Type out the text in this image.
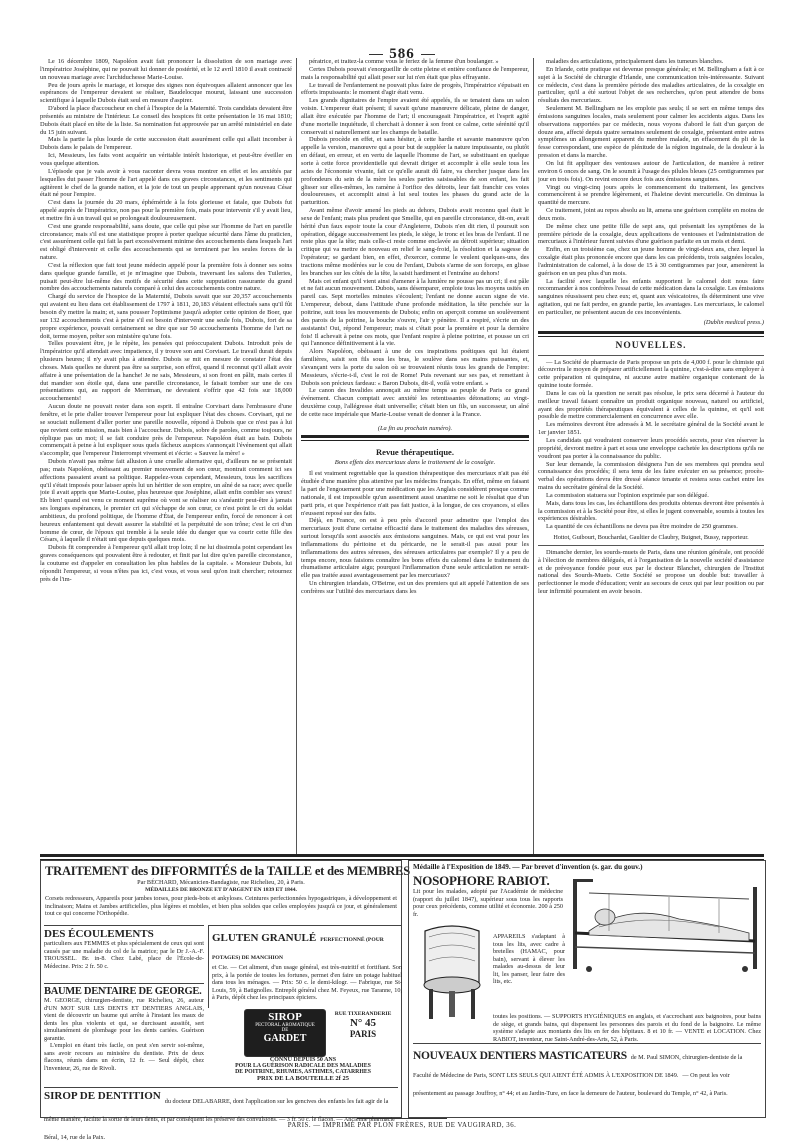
586

Le 16 décembre 1809, Napoléon avait fait prononcer la dissolution de son mariage avec l'impératrice Joséphine, qui ne pouvait lui donner de postérité, et le 12 avril 1810 il avait contracté un nouveau mariage avec l'archiduchesse Marie-Louise.

Peu de jours après le mariage, et lorsque des signes non équivoques allaient annoncer que les espérances de l'empereur devaient se réaliser, Baudelocque mourut, laissant une succession scientifique à laquelle Dubois était seul en mesure d'aspirer.

D'abord la place d'accoucheur en chef à l'hospice de la Maternité. Trois candidats devaient être présentés au ministre de l'intérieur. Le conseil des hospices fit cette présentation le 16 mai 1810; Dubois était placé en tête de la liste. Sa nomination fut approuvée par un arrêté ministériel en date du 15 juin suivant.

Mais la partie la plus lourde de cette succession était assurément celle qui allait incomber à Dubois dans le palais de l'empereur.

Ici, Messieurs, les faits vont acquérir un véritable intérêt historique, et peut-être éveiller en vous quelque attention.

L'épisode que je vais avoir à vous raconter devra vous montrer en effet et les anxiétés par lesquelles dut passer l'homme de l'art appelé dans ces graves circonstances, et les sentiments qui agitèrent le chef de la grande nation, et la joie de tout un peuple apprenant qu'un nouveau César était né pour l'empire.

C'est dans la journée du 20 mars, éphéméride à la fois glorieuse et fatale, que Dubois fut appelé auprès de l'impératrice, non pas pour la première fois, mais pour intervenir s'il y avait lieu, et mettre fin à un travail qui se prolongeait douloureusement.

C'est une grande responsabilité, sans doute, que celle qui pèse sur l'homme de l'art en pareille circonstance; mais s'il est une statistique propre à porter quelque sécurité dans l'âme du praticien, c'est assurément celle qui fait la part excessivement minime des accouchements dans lesquels l'art est obligé d'intervenir et celle des accouchements qui se terminent par les seules forces de la nature.

C'est la réflexion que fait tout jeune médecin appelé pour la première fois à donner ses soins dans quelque grande famille, et je m'imagine que Dubois, traversant les salons des Tuileries, puisait peut-être lui-même des motifs de sécurité dans cette supputation rassurante du grand nombre des accouchements naturels comparé à celui des accouchements contre nature.

Chargé du service de l'hospice de la Maternité, Dubois savait que sur 20,357 accouchements qui avaient eu lieu dans cet établissement de 1797 à 1811, 20,183 s'étaient effectués sans qu'il fût besoin d'y mettre la main; et, sans pousser l'optimisme jusqu'à adopter cette opinion de Boer, que sur 132 accouchements c'est à peine s'il est besoin d'intervenir une seule fois, Dubois, fort de sa propre expérience, pouvait certainement se dire que sur 50 accouchements l'homme de l'art ne doit, terme moyen, prêter son ministère qu'une fois.

Telles pouvaient être, je le répète, les pensées qui préoccupaient Dubois. Introduit près de l'impératrice qu'il attendait avec impatience, il y trouve son ami Corvisart. Le travail durait depuis plusieurs heures; il n'y avait plus à attendre. Dubois se mit en mesure de constater l'état des choses. Mais quelles ne durent pas être sa surprise, son effroi, quand il reconnut qu'il allait avoir affaire à une présentation de la hanche! Je ne sais, Messieurs, si son front en pâlit, mais certes il dut mandier son étoile qui, dans une pareille circonstance, le faisait tomber sur une de ces présentations qui, au rapport de Merriman, ne devraient s'offrir que 42 fois sur 18,000 accouchements!

Aucun doute ne pouvait rester dans son esprit. Il entraîne Corvisart dans l'embrasure d'une fenêtre, et le prie d'aller trouver l'empereur pour lui expliquer l'état des choses. Corvisart, qui ne se souciait nullement d'aller porter une pareille nouvelle, répond à Dubois que ce n'est pas à lui que revient cette mission, mais bien à l'accoucheur. Dubois, sobre de paroles, comme toujours, ne réplique pas un mot; il se fait conduire près de l'empereur. Napoléon était au bain. Dubois commençait à peine à lui expliquer sous quels fâcheux auspices s'annonçait l'événement qui allait s'accomplir, que l'empereur l'interrompt vivement et s'écrie: « Sauvez la mère! »

Dubois n'avait pas même fait allusion à une cruelle alternative qui, d'ailleurs ne se présentait pas; mais Napoléon, obéissant au premier mouvement de son cœur, montrait comment ici ses affections passaient avant sa politique. Rappelez-vous cependant, Messieurs, tous les sacrifices qu'il s'était imposés pour laisser après lui un héritier de son empire, un aîné de sa race; avec quelle joie il avait appris que Marie-Louise, plus heureuse que Joséphine, allait enfin combler ses vœux! Eh bien! quand est venu ce moment suprême où vont se réaliser ou s'anéantir peut-être à jamais ses longues espérances, le premier cri qui s'échappe de son cœur, ce n'est point le cri du soldat ambitieux, du profond politique, de l'homme d'État, de l'empereur enfin, forcé de renoncer à cet heureux enfantement qui devait assurer la stabilité et la perpétuité de son trône; c'est le cri d'un homme de cœur, de l'époux qui tremble à la seule idée du danger que va courir cette fille des Césars, à laquelle il n'était uni que depuis quelques mois.

Dubois fit comprendre à l'empereur qu'il allait trop loin; il ne lui dissimula point cependant les graves conséquences qui pouvaient être à redouter, et finit par lui dire qu'en pareille circonstance, la coutume est d'appeler en consultation les plus habiles de la capitale. « Monsieur Dubois, lui répondit l'empereur, si vous n'êtes pas ici, c'est vous, et vous seul qu'on irait chercher; retournez près de l'im-

pératrice, et traitez-la comme vous le feriez de la femme d'un boulanger. »

Certes Dubois pouvait s'enorgueillir de cette pleine et entière confiance de l'empereur, mais la responsabilité qui allait peser sur lui n'en était que plus effrayante.

Le travail de l'enfantement ne pouvait plus faire de progrès, l'impératrice s'épuisait en efforts impuissants: le moment d'agir était venu.

Les grands dignitaires de l'empire avaient été appelés, ils se tenaient dans un salon voisin. L'empereur était présent; il savait qu'une manœuvre délicate, pleine de danger, allait être exécutée par l'homme de l'art; il encourageait l'impératrice, et l'esprit agité d'une mortelle inquiétude, il cherchait à donner à son front ce calme, cette sérénité qu'il conservait si naturellement sur les champs de bataille.

Dubois procède en effet, et sans hésiter, à cette hardie et savante manœuvre qu'on appelle la version, manœuvre qui a pour but de suppléer la nature impuissante, ou plutôt en défaut, en erreur, et en vertu de laquelle l'homme de l'art, se substituant en quelque sorte à cette force providentielle qui devrait diriger et accomplir à elle seule tous les actes de l'économie vivante, fait ce qu'elle aurait dû faire, va chercher jusque dans les profondeurs du sein de la mère les seules parties saisissables de son enfant, les fait glisser sur elles-mêmes, les ramène à l'orifice des détroits, leur fait franchir ces voies douloureuses, et accomplit ainsi à lui seul toutes les phases du grand acte de la parturition.

Avant même d'avoir amené les pieds au dehors, Dubois avait reconnu quel était le sexe de l'enfant; mais plus prudent que Smellie, qui en pareille circonstance, dit-on, avait hérité d'un faux espoir toute la cour d'Angleterre, Dubois n'en dit rien, il poursuit son opération, dégage successivement les pieds, le siège, le tronc et les bras de l'enfant. Il ne reste plus que la tête; mais celle-ci reste comme enclavée au détroit supérieur; situation critique qui va mettre de nouveau en relief le sang-froid, la résolution et la sagesse de l'opérateur; se gardant bien, en effet, d'exercer, comme le veulent quelques-uns, des tractions même modérées sur le cou de l'enfant, Dubois s'arme de son forceps, en glisse les branches sur les côtés de la tête, la saisit hardiment et l'entraîne au dehors!

Mais cet enfant qu'il vient ainsi d'amener à la lumière ne pousse pas un cri; il est pâle et ne fait aucun mouvement. Dubois, sans désemparer, emploie tous les moyens usités en pareil cas. Sept mortelles minutes s'écoulent; l'enfant ne donne aucun signe de vie. L'empereur, debout, dans l'attitude d'une profonde méditation, la tête penchée sur la poitrine, suit tous les mouvements de Dubois; enfin on aperçoit comme un soulèvement des parois de la poitrine, la bouche s'ouvre, l'air y pénètre. Il a respiré, s'écrie un des assistants! Oui, répond l'empereur; mais si c'était pour la première et pour la dernière fois! Il achevait à peine ces mots, que l'enfant respire à pleine poitrine, et pousse un cri qui l'annonce définitivement à la vie.

Alors Napoléon, obéissant à une de ces inspirations poétiques qui lui étaient familières, saisit son fils sous les bras, le soulève dans ses mains puissantes, et, s'avançant vers la porte du salon où se trouvaient réunis tous les grands de l'empire: Messieurs, s'écrie-t-il, c'est le roi de Rome! Puis revenant sur ses pas, et remettant à Dubois son précieux fardeau: « Baron Dubois, dit-il, voilà votre enfant. »

Le canon des Invalides annonçait au même temps au peuple de Paris ce grand événement. Chacun comptait avec anxiété les retentissantes détonations; au vingt-deuxième coup, l'allégresse était universelle; c'était bien un fils, un successeur, un aîné de cette race impériale que Marie-Louise venait de donner à la France.

(La fin au prochain numéro).
Revue thérapeutique.
Bons effets des mercuriaux dans le traitement de la coxalgie.

Il est vraiment regrettable que la question thérapeutique des mercuriaux n'ait pas été étudiée d'une manière plus attentive par les médecins français. En effet, même en faisant la part de l'engouement pour une médication que les Anglais considèrent presque comme nationale, il est impossible qu'un assentiment aussi unanime ne soit le résultat que d'un parti pris, et que l'expérience n'ait pas fait justice, à la longue, de ces croyances, si elles n'eussent reposé sur des faits.

Déjà, en France, on est à peu près d'accord pour admettre que l'emploi des mercuriaux jouit d'une certaine efficacité dans le traitement des maladies des séreuses, surtout lorsqu'ils sont associés aux émissions sanguines. Mais, ce qui est vrai pour les inflammations du péritoine et du péricarde, ne le serait-il pas aussi pour les inflammations des autres séreuses, des séreuses articulaires par exemple? Il y a peu de temps encore, nous faisions connaître les bons effets du calomel dans le traitement du rhumatisme articulaire aigu; pourquoi l'inflammation d'une seule articulation ne serait-elle pas traitée aussi avantageusement par les mercuriaux?

Un chirurgien irlandais, O'Beirne, est un des premiers qui ait appelé l'attention de ses confrères sur l'utilité des mercuriaux dans les

maladies des articulations, principalement dans les tumeurs blanches.

En Irlande, cette pratique est devenue presque générale; et M. Bellingham a fait à ce sujet à la Société de chirurgie d'Irlande, une communication très-intéressante. Suivant ce médecin, c'est dans la première période des maladies articulaires, de la coxalgie en particulier, qu'il a été surtout l'objet de ses recherches, qu'on peut attendre de bons résultats des mercuriaux.

Seulement M. Bellingham ne les emploie pas seuls; il se sert en même temps des émissions sanguines locales, mais seulement pour calmer les accidents aigus. Dans les observations rapportées par ce médecin, nous voyons d'abord le fait d'un garçon de douze ans, affecté depuis quatre semaines seulement de coxalgie, présentant entre autres symptômes un allongement apparent du membre malade, un effacement du pli de la fesse correspondant, une espèce de plénitude de la région inguinale, de la douleur à la pression et dans la marche.

On lui fit appliquer des ventouses autour de l'articulation, de manière à retirer environ 6 onces de sang. On le soumit à l'usage des pilules bleues (25 centigrammes par jour en trois fois). On revint encore deux fois aux émissions sanguines.

Vingt ou vingt-cinq jours après le commencement du traitement, les gencives commencèrent à se prendre légèrement, et l'haleine devint mercurielle. On diminua la quantité de mercure.

Ce traitement, joint au repos absolu au lit, amena une guérison complète en moins de deux mois.

De même chez une petite fille de sept ans, qui présentait les symptômes de la première période de la coxalgie, deux applications de ventouses et l'administration de mercuriaux à l'intérieur furent suivies d'une guérison parfaite en un mois et demi.

Enfin, en un troisième cas, chez un jeune homme de vingt-deux ans, chez lequel la coxalgie était plus prononcée encore que dans les cas précédents, trois saignées locales, l'administration de calomel, à la dose de 15 à 30 centigrammes par jour, amenèrent la guérison en un peu plus d'un mois.

La facilité avec laquelle les enfants supportent le calomel doit nous faire recommander à nos confrères l'essai de cette médication dans la coxalgie. Les émissions sanguines réussissent peu chez eux; et, quant aux vésicatoires, ils déterminent une vive agitation, qui ne fait perdre, en grande partie, les avantages. Les mercuriaux, le calomel en particulier, ne présentent aucun de ces inconvénients.

(Dublin medical press.)
NOUVELLES.

— La Société de pharmacie de Paris propose un prix de 4,000 f. pour le chimiste qui découvrira le moyen de préparer artificiellement la quinine, c'est-à-dire sans employer à cette préparation ni quinquina, ni aucune autre matière organique contenant de la quinine toute formée.

Dans le cas où la question ne serait pas résolue, le prix sera décerné à l'auteur du meilleur travail faisant connaître un produit organique nouveau, naturel ou artificiel, ayant des propriétés thérapeutiques équivalent à celles de la quinine, et qu'il soit possible de mettre commercialement en concurrence avec elle.

Les mémoires devront être adressés à M. le secrétaire général de la Société avant le 1er janvier 1851.

Les candidats qui voudraient conserver leurs procédés secrets, pour s'en réserver la propriété, devront mettre à part et sous une enveloppe cachetée les descriptions qu'ils ne voudront pas porter à la connaissance du public.

Sur leur demande, la commission désignera l'un de ses membres qui prendra seul connaissance des procédés; il sera tenu de les faire exécuter en sa présence; procès-verbal des opérations devra être dressé séance tenante et restera sous cachet entre les mains du secrétaire général de la Société.

La commission statuera sur l'opinion exprimée par son délégué.

Mais, dans tous les cas, les échantillons des produits obtenus devront être présentés à la commission et à la Société pour être, si elles le jugent convenable, soumis à toutes les expériences désirables.

La quantité de ces échantillons ne devra pas être moindre de 250 grammes.

Hottot, Guibourt, Bouchardat, Gaultier de Claubry, Buignet, Bussy, rapporteur.

Dimanche dernier, les sourds-muets de Paris, dans une réunion générale, ont procédé à l'élection de membres délégués, et à l'organisation de la nouvelle société d'assistance et de prévoyance fondée pour eux par le docteur Blanchet, chirurgien de l'Institut national des Sourds-Muets. Cette Société se propose un double but: travailler à perfectionner le mode d'éducation; venir au secours de ceux qui par leur position ou par leur infirmité pourraient en avoir besoin.

TRAITEMENT des DIFFORMITÉS de la TAILLE et des MEMBRES
Par BÉCHARD, Mécanicien-Bandagiste, rue Richelieu, 20, à Paris.
MÉDAILLES DE BRONZE ET D'ARGENT EN 1839 ET 1844.
Corsets redresseurs, Appareils pour jambes torses, pour pieds-bots et ankyloses. Ceintures perfectionnées hypogastriques, à développement et inclinaison; Mains et Jambes artificielles, plus légères et mobiles, et bien plus solides que celles employées jusqu'à ce jour, et généralement tout ce qui concerne l'Orthopédie.
DES ÉCOULEMENTS
particuliers aux FEMMES et plus spécialement de ceux qui sont causés par une maladie du col de la matrice; par le Dr J.-A.-F. TROUSSEL. Br. in-8. Chez Labé, place de l'École-de-Médecine. Prix: 2 fr. 50 c.
GLUTEN GRANULÉ PERFECTIONNÉ (POUR POTAGES) DE MANCHION
et Cie. — Cet aliment, d'un usage général, est très-nutritif et fortifiant. Son prix, à la portée de toutes les fortunes, permet d'en faire un potage habituel dans tous les ménages. — Prix: 50 c. le demi-kilogr. — Fabrique, rue St-Louis, 59, à Batignolles. Entrepôt général chez M. Feyeux, rue Taranne, 10, à Paris, dépôt chez les principaux épiciers.
BAUME DENTAIRE DE GEORGE.
M. GEORGE, chirurgien-dentiste, rue Richelieu, 26, auteur d'UN MOT SUR LES DENTS ET DENTIERS ANGLAIS, vient de découvrir un baume qui arrête à l'instant les maux de dents les plus violents et qui, se durcissant aussitôt, sert simultanément de plombage pour les dents cariées. Guérison garantie.
L'emploi en étant très facile, on peut s'en servir soi-même, sans avoir recours au ministère du dentiste. Prix de deux flacons, réunis dans un écrin, 12 fr. — Seul dépôt, chez l'inventeur, 26, rue de Rivoli.
SIROP
PECTORAL AROMATIQUE
DE
GARDET
RUE TIXERANDERIE
N° 45
PARIS
CONNU DEPUIS 50 ANS
POUR LA GUÉRISON RADICALE DES MALADIES
DE POITRINE, RHUMES, ASTHMES, CATARRHES
PRIX DE LA BOUTEILLE 2f 25
SIROP DE DENTITION du docteur DELABARRE, dont l'application sur les gencives des enfants les fait agir de la même manière, facilite la sortie de leurs dents, et par conséquent les préserve des convulsions. — 3 fr. 50 c. le flacon. — Ancienne pharmacie Béral, 14, rue de la Paix.
Médaille à l'Exposition de 1849. — Par brevet d'invention (s. gar. du gouv.)
NOSOPHORE RABIOT.
Lit pour les malades, adopté par l'Académie de médecine (rapport du juillet 1847), supérieur sous tous les rapports pour ceux précédents, comme utilité et économie. 200 à 250 fr.
APPAREILS s'adaptant à tous les lits, avec cadre à bretelles (HAMAC, pour bain), servant à élever les malades au-dessus de leur lit, les panser, leur faire des lits, etc.
toutes les positions. — SUPPORTS HYGIÉNIQUES en anglais, et s'accrochant aux baignoires, pour bains de siège, et grands bains, qui dispensent les personnes des parois et du fond de la baignoire. Le même système s'adapte aux montants des lits en fer des hôpitaux. 8 et 10 fr. — VENTE et LOCATION. Chez RABIOT, inventeur, rue Saint-André-des-Arts, 52, à Paris.
NOUVEAUX DENTIERS MASTICATEURS de M. Paul SIMON, chirurgien-dentiste de la Faculté de Médecine de Paris, SONT LES SEULS QUI AIENT ÉTÉ ADMIS À L'EXPOSITION DE 1849. — On peut les voir présentement au passage Jouffroy, n° 44; et au Jardin-Ture, en face la demeure de l'auteur, boulevard du Temple, n° 42, à Paris.
PARIS. — IMPRIMÉ PAR PLON FRÈRES, RUE DE VAUGIRARD, 36.
